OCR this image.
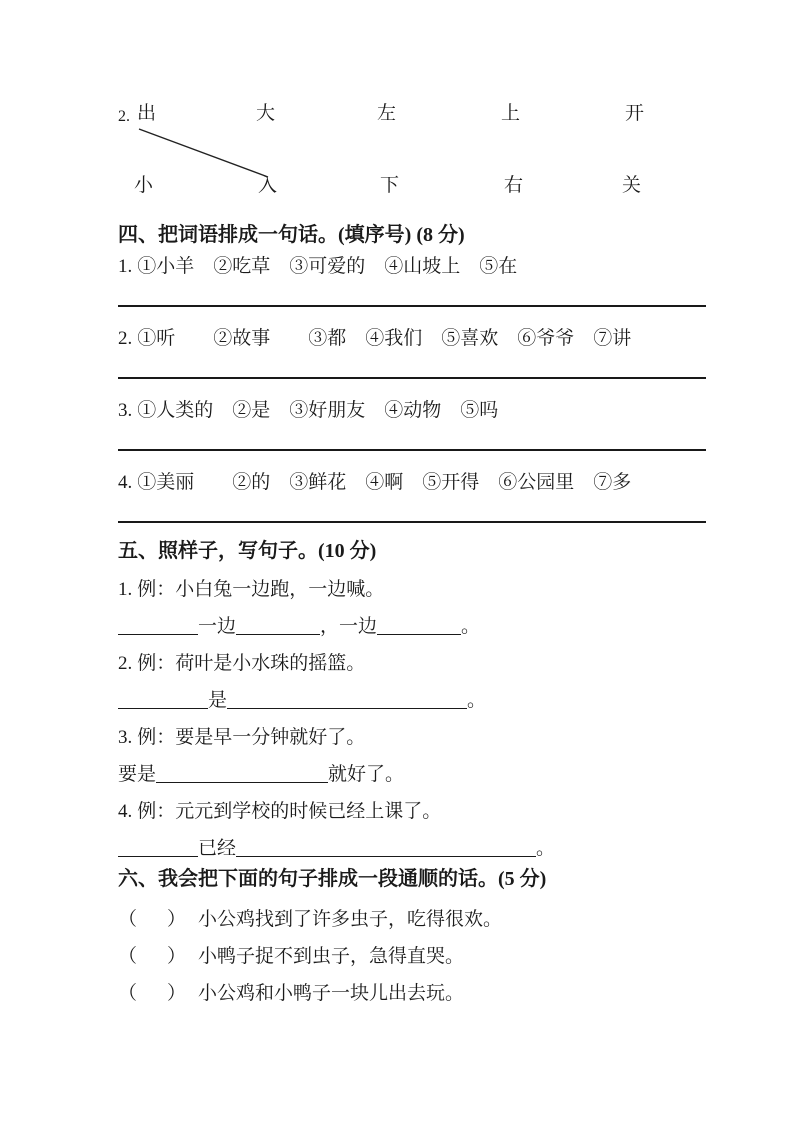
2. 出	大	左	上	开
小	入	下	右	关
四、把词语排成一句话。(填序号) (8 分)
1. ①小羊　②吃草　③可爱的　④山坡上　⑤在
2. ①听　　②故事　　③都　④我们　⑤喜欢　⑥爷爷　⑦讲
3. ①人类的　②是　③好朋友　④动物　⑤吗
4. ①美丽　　②的　③鲜花　④啊　⑤开得　⑥公园里　⑦多
五、照样子，写句子。(10 分)
1. 例：小白兔一边跑，一边喊。
一边	，一边	。
2. 例：荷叶是小水珠的摇篮。
是	。
3. 例：要是早一分钟就好了。
要是	就好了。
4. 例：元元到学校的时候已经上课了。
已经	。
六、我会把下面的句子排成一段通顺的话。(5 分)
（ ） 小公鸡找到了许多虫子，吃得很欢。
（ ） 小鸭子捉不到虫子，急得直哭。
（ ） 小公鸡和小鸭子一块儿出去玩。
